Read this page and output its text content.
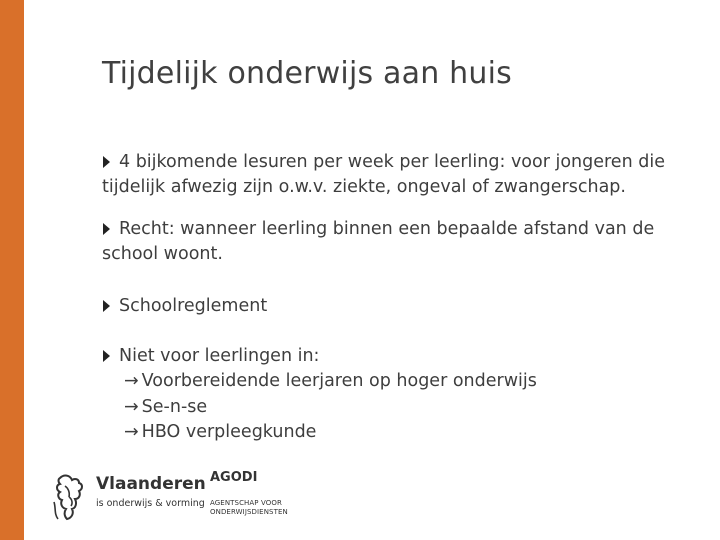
Tijdelijk onderwijs aan huis
4 bijkomende lesuren per week per leerling: voor jongeren die tijdelijk afwezig zijn o.w.v. ziekte, ongeval of zwangerschap.
Recht: wanneer leerling binnen een bepaalde afstand van de school woont.
Schoolreglement
Niet voor leerlingen in:
→ Voorbereidende leerjaren op hoger onderwijs
→ Se-n-se
→ HBO verpleegkunde
Vlaanderen
is onderwijs & vorming
AGODI
AGENTSCHAP VOOR
ONDERWIJSDIENSTEN
